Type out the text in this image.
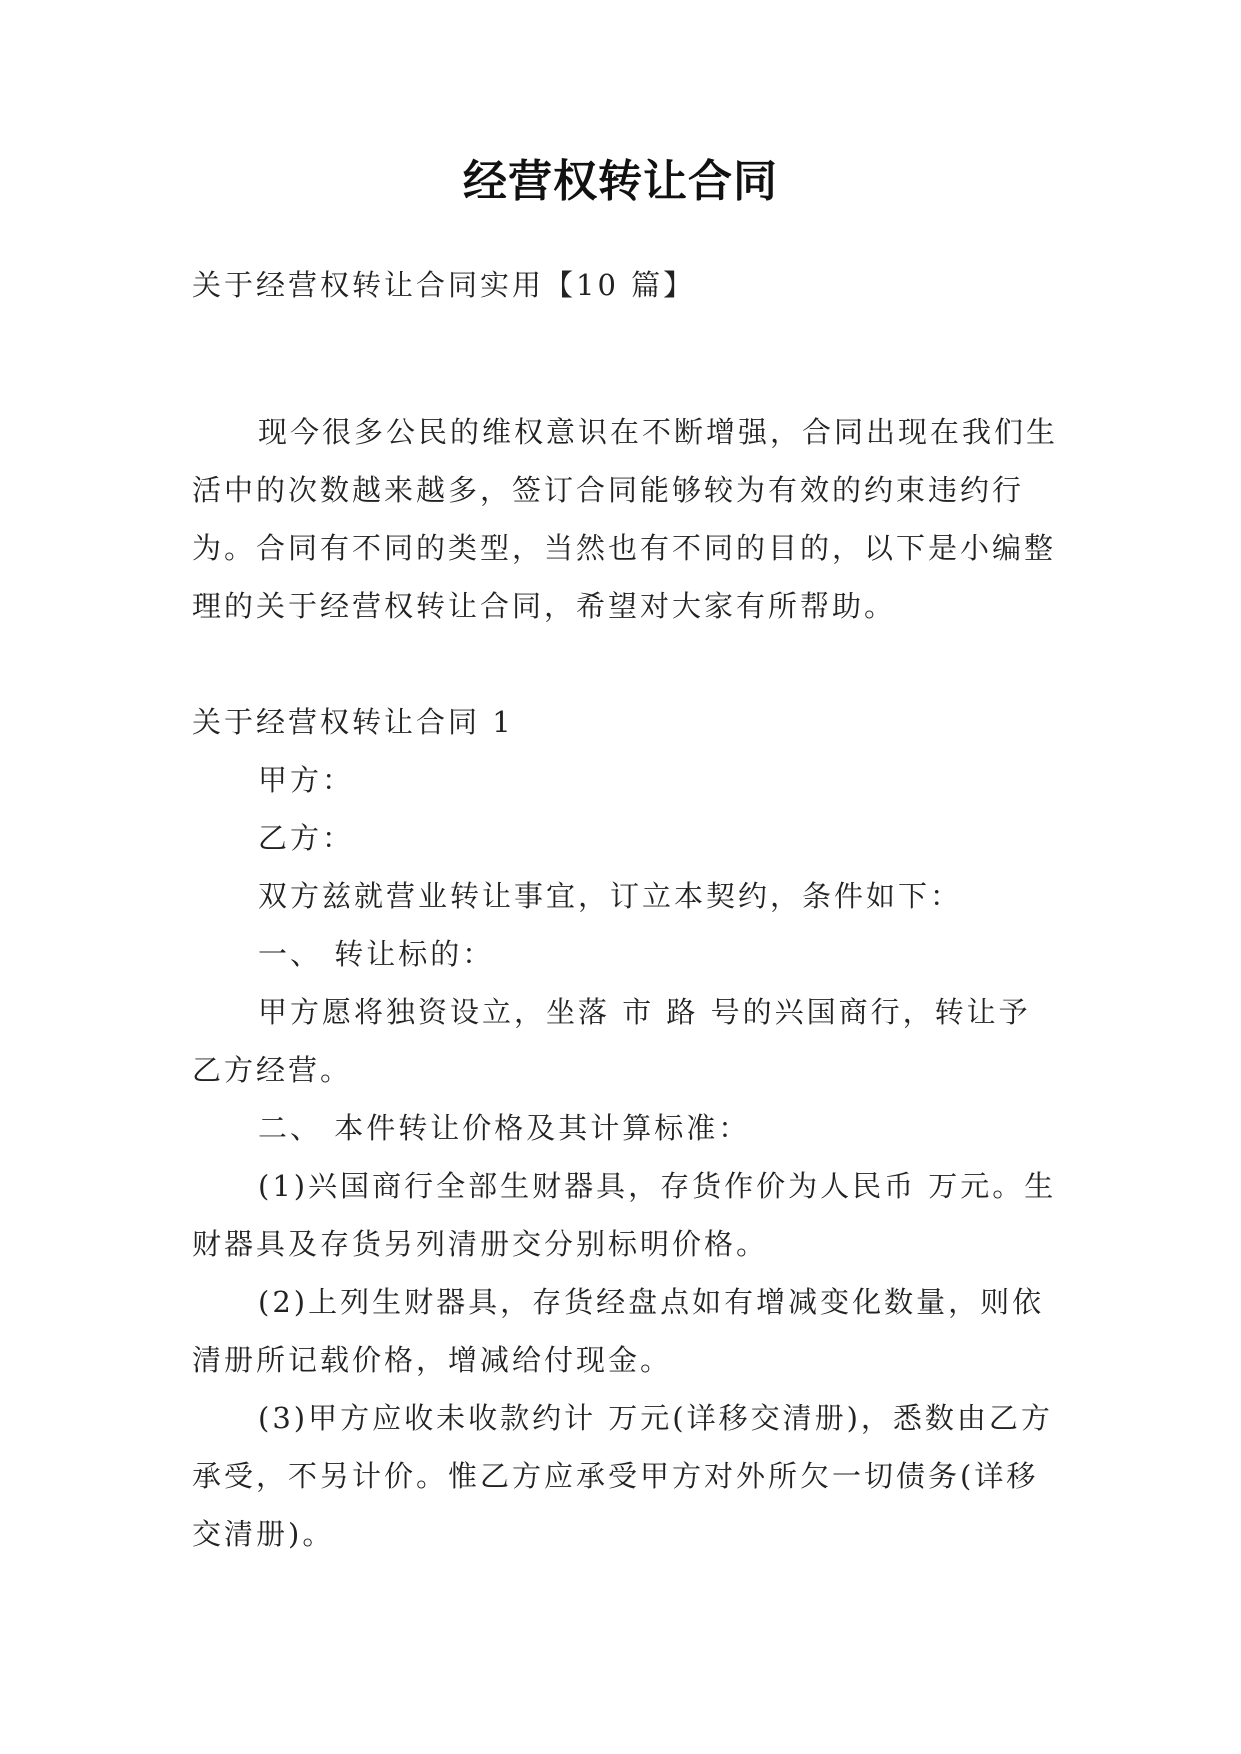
经营权转让合同
关于经营权转让合同实用【10 篇】
现今很多公民的维权意识在不断增强，合同出现在我们生活中的次数越来越多，签订合同能够较为有效的约束违约行为。合同有不同的类型，当然也有不同的目的，以下是小编整理的关于经营权转让合同，希望对大家有所帮助。

关于经营权转让合同 1

甲方：

乙方：

双方兹就营业转让事宜，订立本契约，条件如下：

一、 转让标的：

甲方愿将独资设立，坐落 市 路 号的兴国商行，转让予乙方经营。

二、 本件转让价格及其计算标准：

(1)兴国商行全部生财器具，存货作价为人民币 万元。生财器具及存货另列清册交分别标明价格。

(2)上列生财器具，存货经盘点如有增减变化数量，则依清册所记载价格，增减给付现金。

(3)甲方应收未收款约计 万元(详移交清册)，悉数由乙方承受，不另计价。惟乙方应承受甲方对外所欠一切债务(详移交清册)。
